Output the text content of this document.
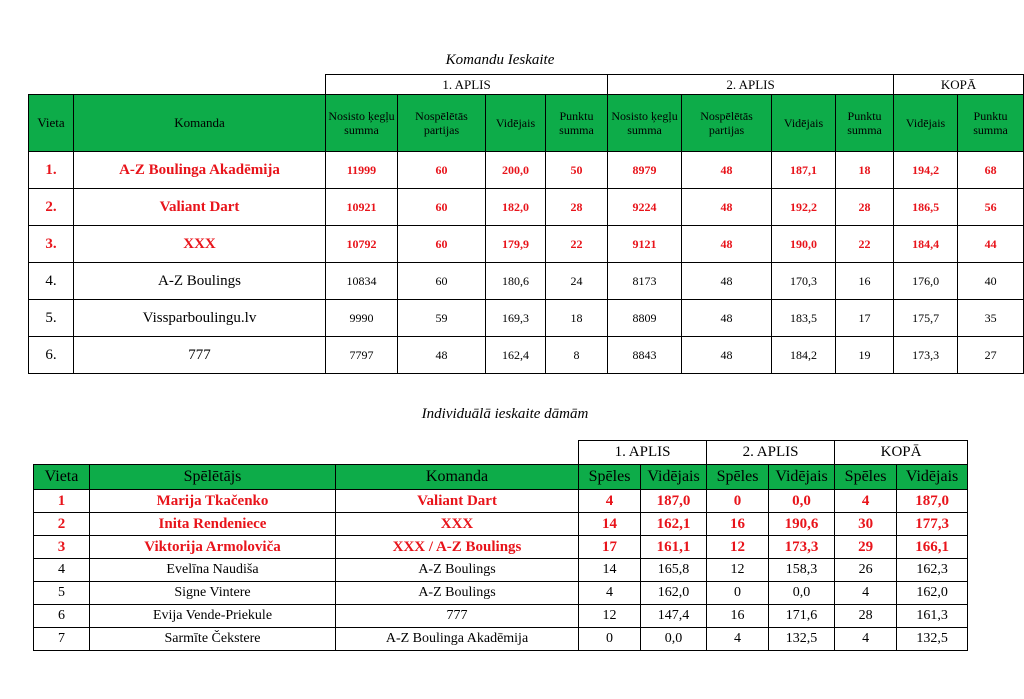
Komandu Ieskaite
		1. APLIS				2. APLIS				KOPĀ	
Vieta	Komanda	Nosisto ķegļu summa	Nospēlētās partijas	Vidējais	Punktu summa	Nosisto ķegļu summa	Nospēlētās partijas	Vidējais	Punktu summa	Vidējais	Punktu summa
1.	A-Z Boulinga Akadēmija	11999	60	200,0	50	8979	48	187,1	18	194,2	68
2.	Valiant Dart	10921	60	182,0	28	9224	48	192,2	28	186,5	56
3.	XXX	10792	60	179,9	22	9121	48	190,0	22	184,4	44
4.	A-Z Boulings	10834	60	180,6	24	8173	48	170,3	16	176,0	40
5.	Vissparboulingu.lv	9990	59	169,3	18	8809	48	183,5	17	175,7	35
6.	777	7797	48	162,4	8	8843	48	184,2	19	173,3	27
Individuālā ieskaite dāmām
			1. APLIS		2. APLIS		KOPĀ	
Vieta	Spēlētājs	Komanda	Spēles	Vidējais	Spēles	Vidējais	Spēles	Vidējais
1	Marija Tkačenko	Valiant Dart	4	187,0	0	0,0	4	187,0
2	Inita Rendeniece	XXX	14	162,1	16	190,6	30	177,3
3	Viktorija Armoloviča	XXX / A-Z Boulings	17	161,1	12	173,3	29	166,1
4	Evelīna Naudiša	A-Z Boulings	14	165,8	12	158,3	26	162,3
5	Signe Vintere	A-Z Boulings	4	162,0	0	0,0	4	162,0
6	Evija Vende-Priekule	777	12	147,4	16	171,6	28	161,3
7	Sarmīte Čekstere	A-Z Boulinga Akadēmija	0	0,0	4	132,5	4	132,5
